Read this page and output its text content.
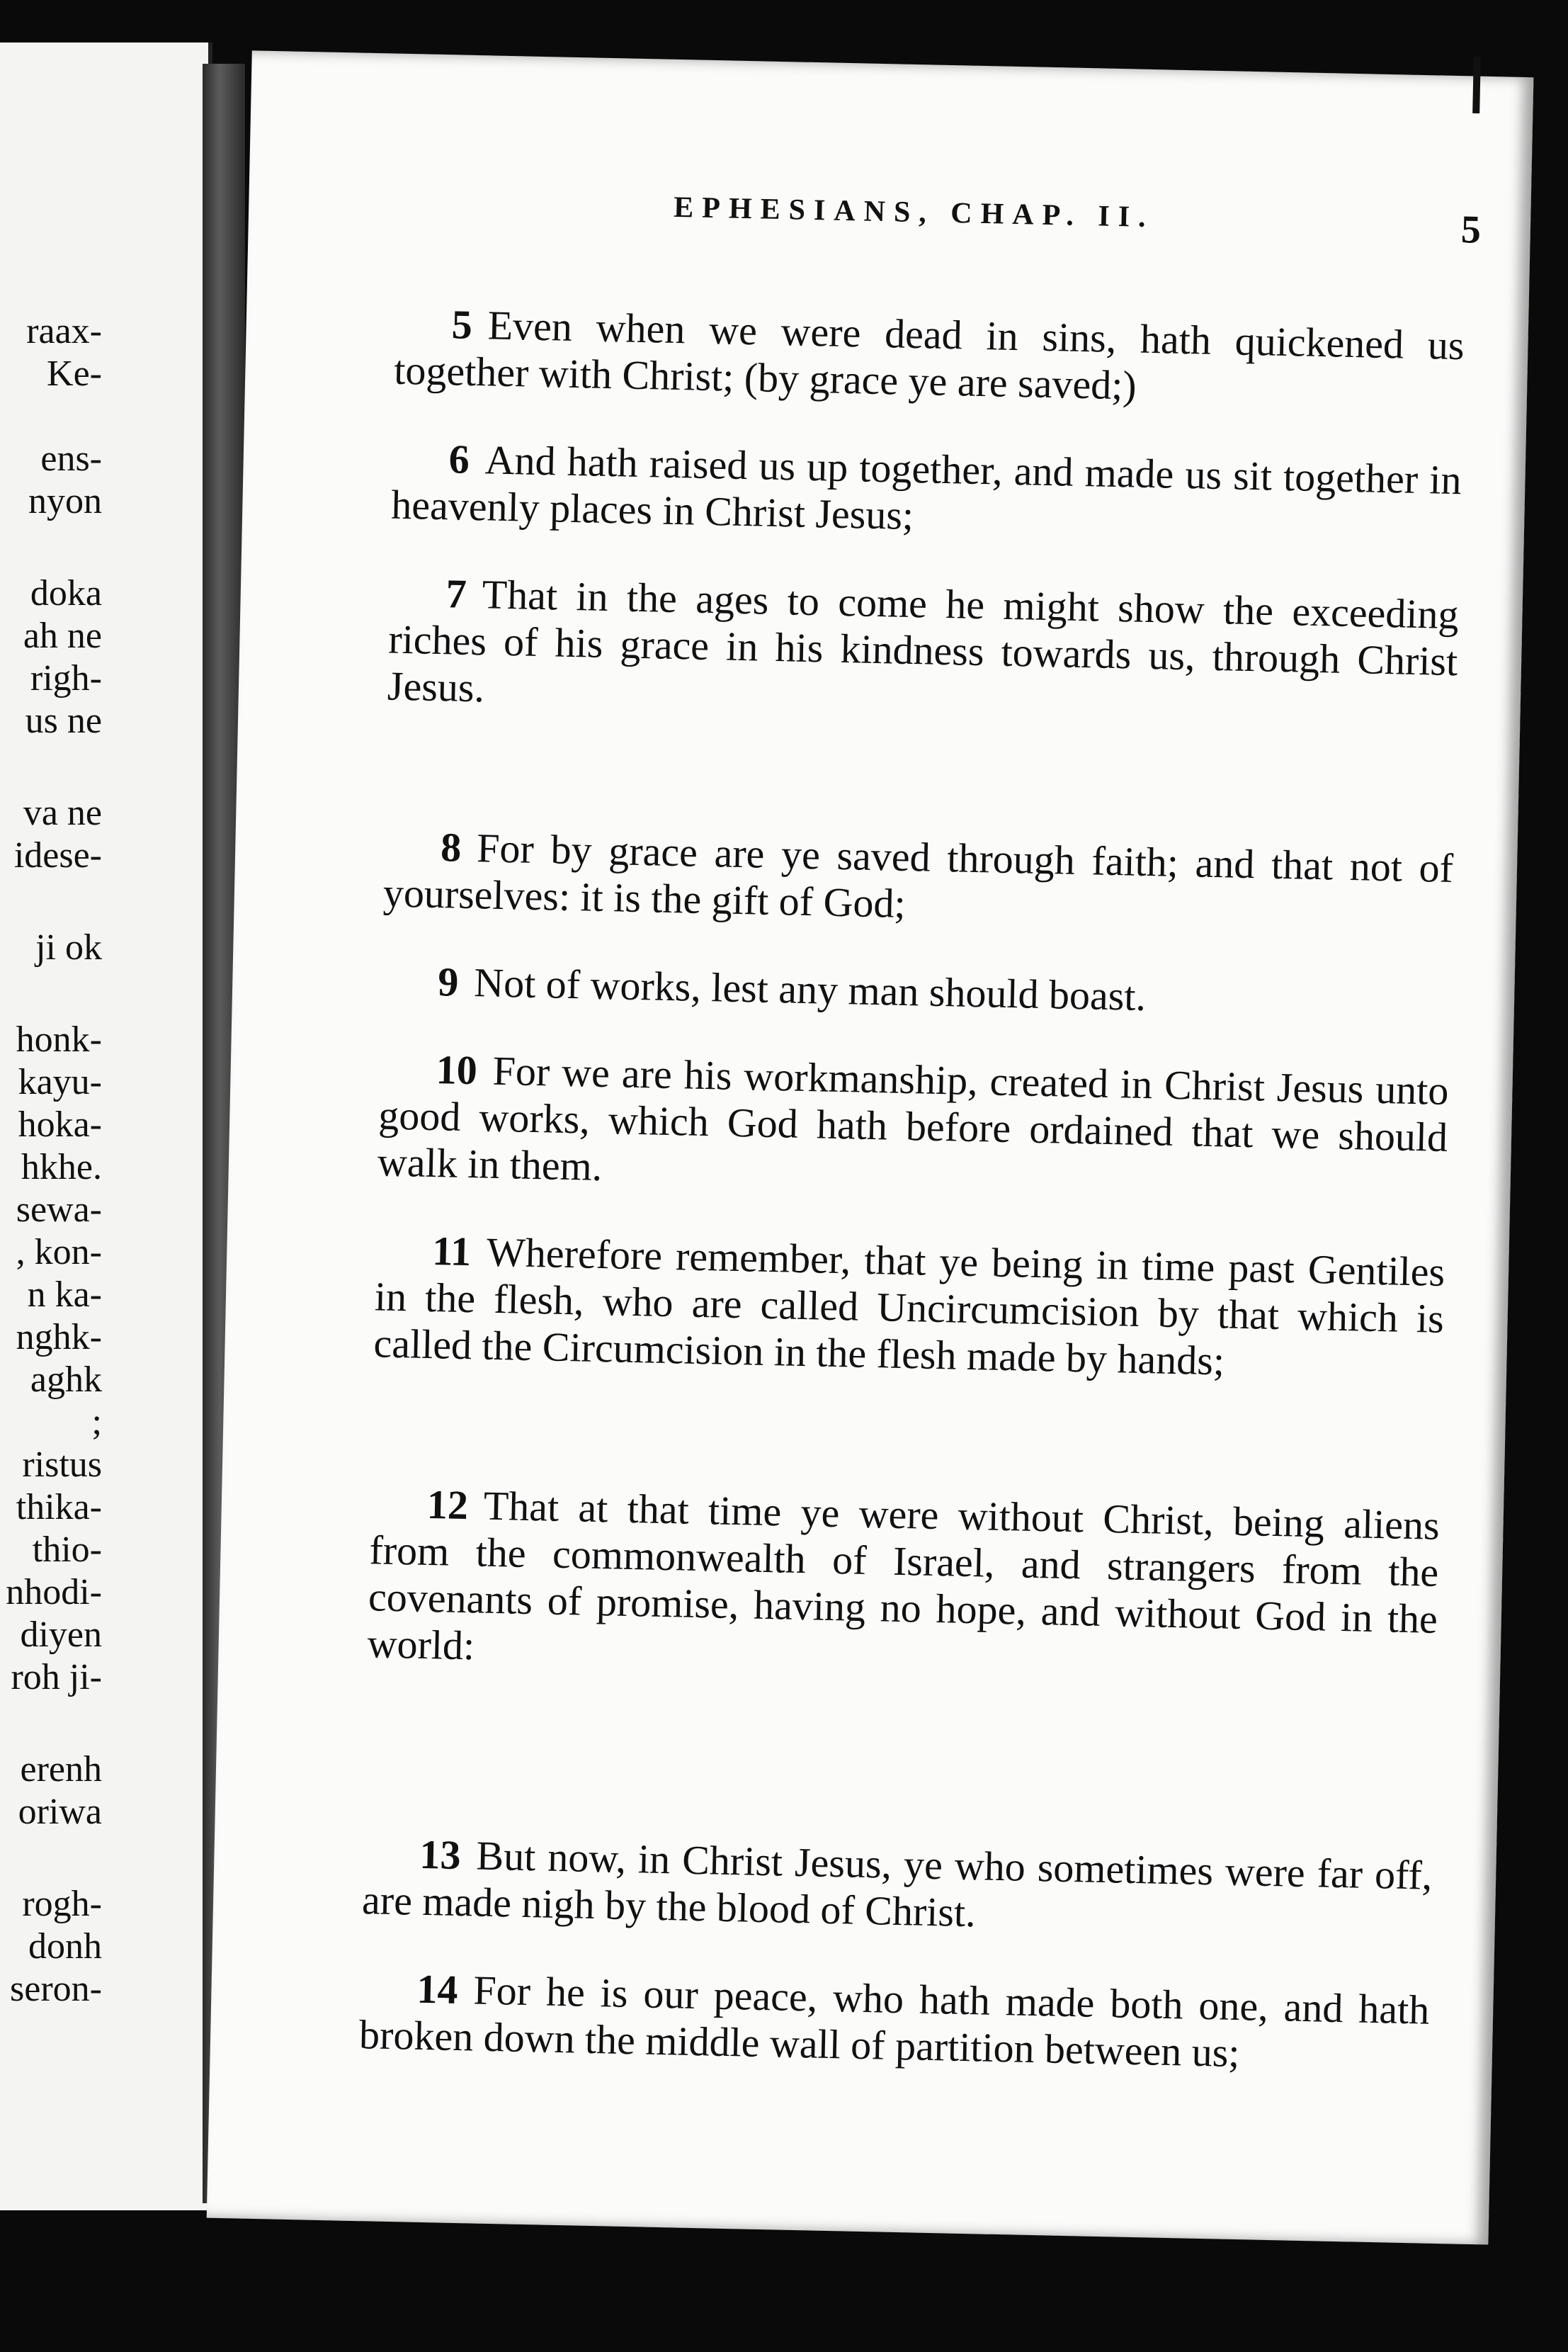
raax-
Ke-
ens-
nyon
doka
ah ne
righ-
us ne
va ne
idese-
ji ok
honk-
kayu-
hoka-
hkhe.
sewa-
, kon-
n ka-
nghk-
aghk
;
ristus
thika-
thio-
nhodi-
diyen
roh ji-
erenh
oriwa
rogh-
donh
seron-
EPHESIANS, CHAP. II.	5

5 Even when we were dead in sins, hath quickened us together with Christ; (by grace ye are saved;)

6 And hath raised us up together, and made us sit together in heavenly places in Christ Jesus;

7 That in the ages to come he might show the exceeding riches of his grace in his kindness towards us, through Christ Jesus.

8 For by grace are ye saved through faith; and that not of yourselves: it is the gift of God;

9 Not of works, lest any man should boast.

10 For we are his workmanship, created in Christ Jesus unto good works, which God hath before ordained that we should walk in them.

11 Wherefore remember, that ye being in time past Gentiles in the flesh, who are called Uncircumcision by that which is called the Circumcision in the flesh made by hands;

12 That at that time ye were without Christ, being aliens from the commonwealth of Israel, and strangers from the covenants of promise, having no hope, and without God in the world:

13 But now, in Christ Jesus, ye who sometimes were far off, are made nigh by the blood of Christ.

14 For he is our peace, who hath made both one, and hath broken down the middle wall of partition between us;
